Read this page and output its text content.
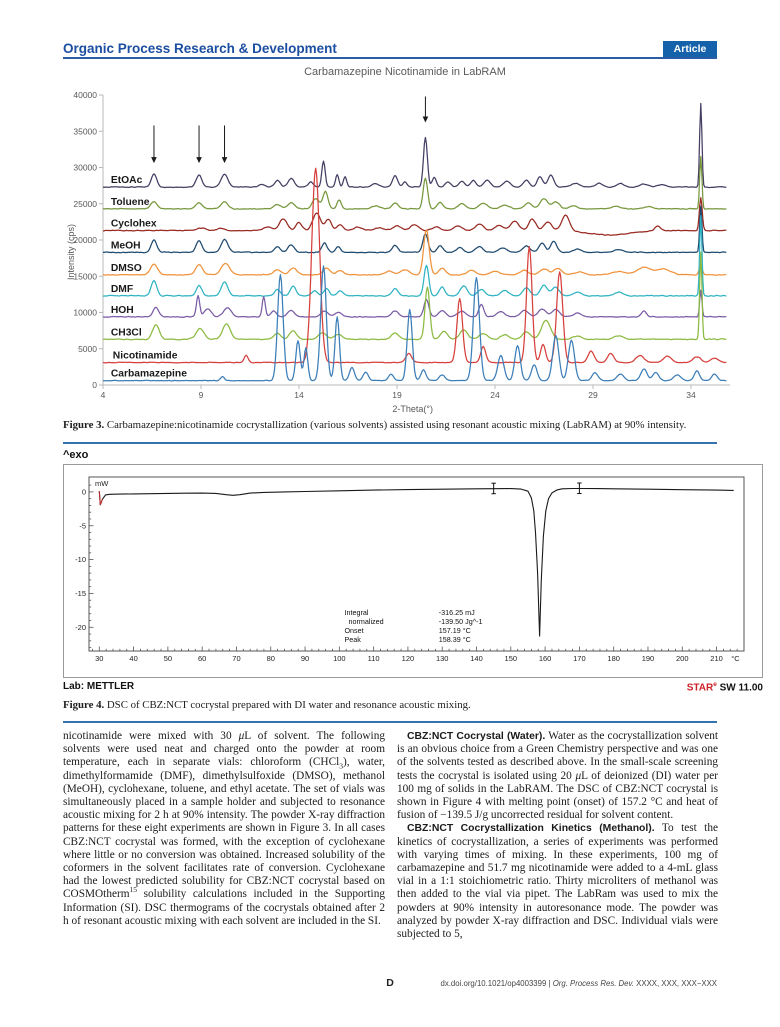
Organic Process Research & Development	Article
Carbamazepine Nicotinamide in LabRAM
0
5000
10000
15000
20000
25000
30000
35000
40000
4	9	14	19	24	29	34
2-Theta(°)
Intensity (cps)
EtOAc
Toluene
Cyclohex
MeOH
DMSO
DMF
HOH
CH3Cl
Nicotinamide
Carbamazepine
Figure 3. Carbamazepine:nicotinamide cocrystallization (various solvents) assisted using resonant acoustic mixing (LabRAM) at 90% intensity.
^exo
30	40	50	60	70	80	90	100	110	120	130	140	150	160	170	180	190	200	210 °C
0
-5
-10
-15
-20
mW
Integral	-316.25 mJ
normalized	-139.50 Jg^-1
Onset	157.19 °C
Peak	158.39 °C
Lab: METTLER	STAR$^e$ SW 11.00
Figure 4. DSC of CBZ:NCT cocrystal prepared with DI water and resonance acoustic mixing.

nicotinamide were mixed with 30 μL of solvent. The following solvents were used neat and charged onto the powder at room temperature, each in separate vials: chloroform (CHCl$_3$), water, dimethylformamide (DMF), dimethylsulfoxide (DMSO), methanol (MeOH), cyclohexane, toluene, and ethyl acetate. The set of vials was simultaneously placed in a sample holder and subjected to resonance acoustic mixing for 2 h at 90% intensity. The powder X-ray diffraction patterns for these eight experiments are shown in Figure 3. In all cases CBZ:NCT cocrystal was formed, with the exception of cyclohexane where little or no conversion was obtained. Increased solubility of the coformers in the solvent facilitates rate of conversion. Cyclohexane had the lowest predicted solubility for CBZ:NCT cocrystal based on COSMOtherm$^{15}$ solubility calculations included in the Supporting Information (SI). DSC thermograms of the cocrystals obtained after 2 h of resonant acoustic mixing with each solvent are included in the SI.

CBZ:NCT Cocrystal (Water). Water as the cocrystallization solvent is an obvious choice from a Green Chemistry perspective and was one of the solvents tested as described above. In the small-scale screening tests the cocrystal is isolated using 20 μL of deionized (DI) water per 100 mg of solids in the LabRAM. The DSC of CBZ:NCT cocrystal is shown in Figure 4 with melting point (onset) of 157.2 °C and heat of fusion of −139.5 J/g uncorrected residual for solvent content.

CBZ:NCT Cocrystallization Kinetics (Methanol). To test the kinetics of cocrystallization, a series of experiments was performed with varying times of mixing. In these experiments, 100 mg of carbamazepine and 51.7 mg nicotinamide were added to a 4-mL glass vial in a 1:1 stoichiometric ratio. Thirty microliters of methanol was then added to the vial via pipet. The LabRam was used to mix the powders at 90% intensity in autoresonance mode. The powder was analyzed by powder X-ray diffraction and DSC. Individual vials were subjected to 5,

D	dx.doi.org/10.1021/op4003399 | Org. Process Res. Dev. XXXX, XXX, XXX−XXX
